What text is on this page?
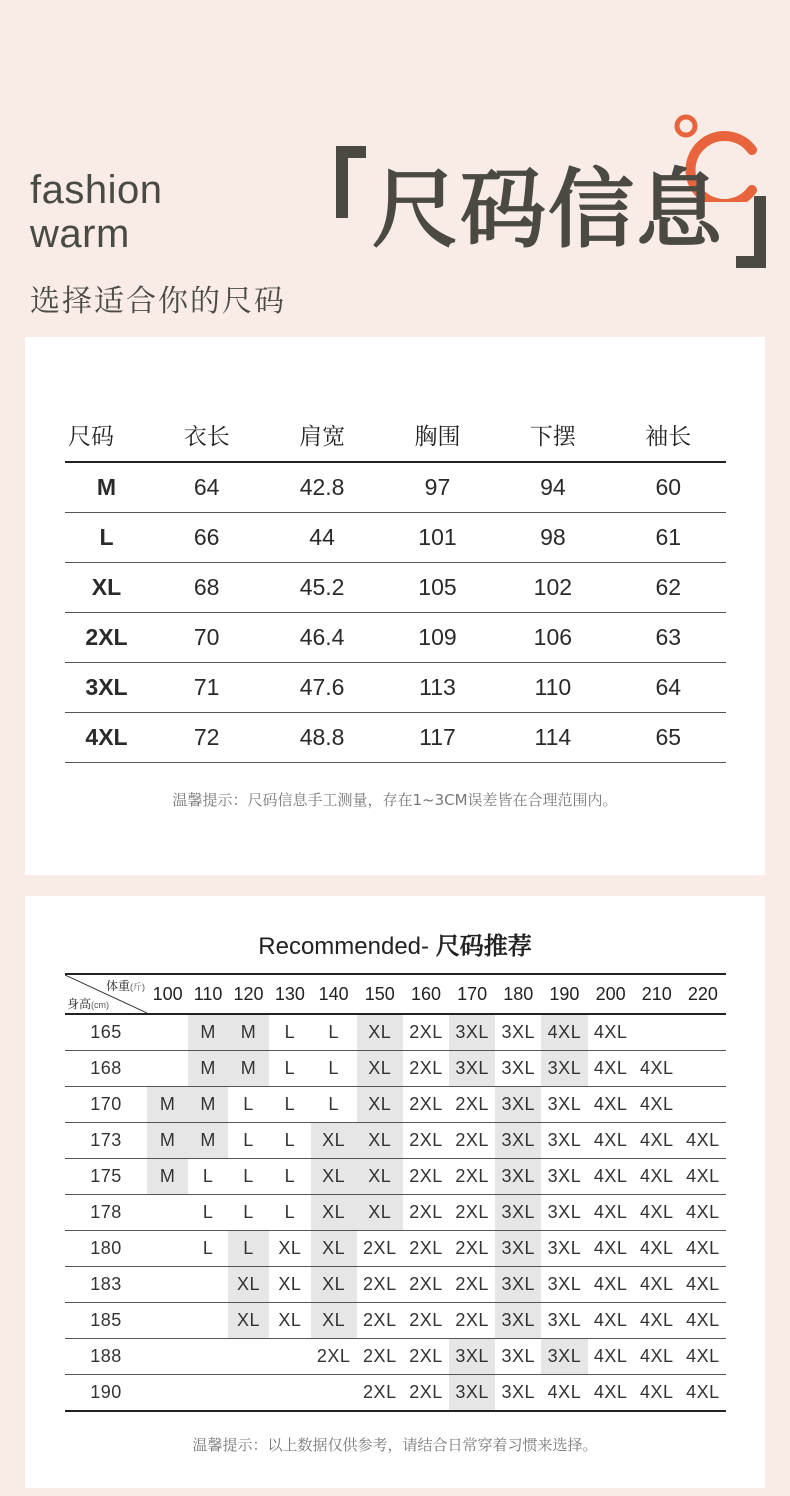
fashion
warm	尺码信息
选择适合你的尺码
尺码	衣长	肩宽	胸围	下摆	袖长
M	64	42.8	97	94	60
L	66	44	101	98	61
XL	68	45.2	105	102	62
2XL	70	46.4	109	106	63
3XL	71	47.6	113	110	64
4XL	72	48.8	117	114	65
温馨提示：尺码信息手工测量，存在1~3CM误差皆在合理范围内。
Recommended- 尺码推荐
体重(斤)
身高(cm)	100	110	120	130	140	150	160	170	180	190	200	210	220
165		M	M	L	L	XL	2XL	3XL	3XL	4XL	4XL		
168		M	M	L	L	XL	2XL	3XL	3XL	3XL	4XL	4XL	
170	M	M	L	L	L	XL	2XL	2XL	3XL	3XL	4XL	4XL	
173	M	M	L	L	XL	XL	2XL	2XL	3XL	3XL	4XL	4XL	4XL
175	M	L	L	L	XL	XL	2XL	2XL	3XL	3XL	4XL	4XL	4XL
178		L	L	L	XL	XL	2XL	2XL	3XL	3XL	4XL	4XL	4XL
180		L	L	XL	XL	2XL	2XL	2XL	3XL	3XL	4XL	4XL	4XL
183			XL	XL	XL	2XL	2XL	2XL	3XL	3XL	4XL	4XL	4XL
185			XL	XL	XL	2XL	2XL	2XL	3XL	3XL	4XL	4XL	4XL
188					2XL	2XL	2XL	3XL	3XL	3XL	4XL	4XL	4XL
190						2XL	2XL	3XL	3XL	4XL	4XL	4XL	4XL
温馨提示：以上数据仅供参考，请结合日常穿着习惯来选择。
